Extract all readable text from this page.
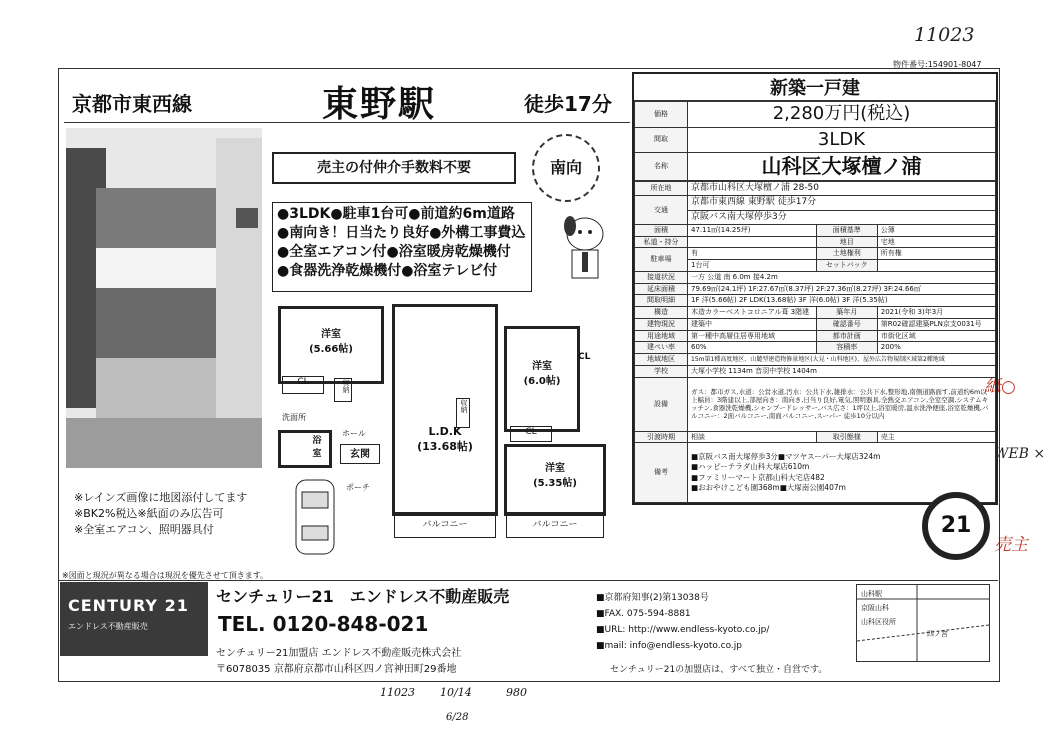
11023
物件番号:154901-8047
紙○
WEB ×
売主
11023 10/14
6/28
980
京都市東西線	東野駅	徒歩17分
売主の付仲介手数料不要	南向
●3LDK●駐車1台可●前道約6m道路
●南向き！日当たり良好●外構工事費込
●全室エアコン付●浴室暖房乾燥機付
●食器洗浄乾燥機付●浴室テレビ付
洋室
(5.66帖)
CL	収納
洗面所
浴
室
ホール
玄関
ポーチ
L.D.K
(13.68帖)
収納
バルコニー
洋室
(6.0帖)
CL
CL
洋室
(5.35帖)
バルコニー
※レインズ画像に地図添付してます
※BK2%税込※紙面のみ広告可
※全室エアコン、照明器具付
新築一戸建
価格	2,280万円(税込)
間取	3LDK
名称	山科区大塚檀ノ浦
所在地	京都市山科区大塚檀ノ浦 28-50		
交通	京都市東西線 東野駅 徒歩17分		
	京阪バス南大塚停歩3分		
面積	47.11㎡(14.25坪)	面積基準	公簿
私道・持分		地目	宅地
駐車場	有	土地権利	所有権
	1台可	セットバック	
接道状況	一方 公道 南 6.0m 接4.2m		
延床面積	79.69㎡(24.1坪) 1F:27.67㎡(8.37坪) 2F:27.36㎡(8.27坪) 3F:24.66㎡		
間取明細	1F 洋(5.66帖) 2F LDK(13.68帖) 3F 洋(6.0帖) 3F 洋(5.35帖)		
構造	木造カラーベストコロニアル葺 3階建	築年月	2021(令和 3)年3月
建物現況	建築中	確認番号	第R02確認建築PLN京支0031号
用途地域	第一種中高層住居専用地域	都市計画	市街化区域
建ぺい率	60%	容積率	200%
地域地区	15m第1種高度地区、山麓型建造物修景地区(大見・山科地区)、屋外広告物規制区域第2種地域		
学校	大塚小学校 1134m 音羽中学校 1404m		
設備	ガス：都市ガス,水道：公営水道,汚水：公共下水,雑排水：公共下水,整形地,南側道路面す,前道約6m以上幅員：3階建以上,部屋向き：南向き,日当り良好,電気,照明器具,全熱交エアコン,全室空調,システムキッチン,食器洗乾燥機,シャンプードレッサー,バス広さ：1坪以上,浴室暖房,温水洗浄便座,浴室乾燥機,バルコニー：2面バルコニー,南面バルコニー,スーパー 徒歩10分以内		
引渡時期	相談	取引態様	売主
備考	■京阪バス南大塚停歩3分■マツヤスーパー大塚店324m
■ハッピーテラダ山科大塚店610m
■ファミリーマート京都山科大宅店482
■おおやけこども園368m■大塚南公園407m		
21
※図面と現況が異なる場合は現況を優先させて頂きます。
CENTURY 21
エンドレス不動産販売
センチュリー21　エンドレス不動産販売
TEL. 0120-848-021
センチュリー21加盟店 エンドレス不動産販売株式会社
〒6078035 京都府京都市山科区四ノ宮神田町29番地
■京都府知事(2)第13038号
■FAX. 075-594-8881
■URL: http://www.endless-kyoto.co.jp/
■mail: info@endless-kyoto.co.jp
センチュリー21の加盟店は、すべて独立・自営です。
山科駅
京阪山科
山科区役所
四ノ宮
